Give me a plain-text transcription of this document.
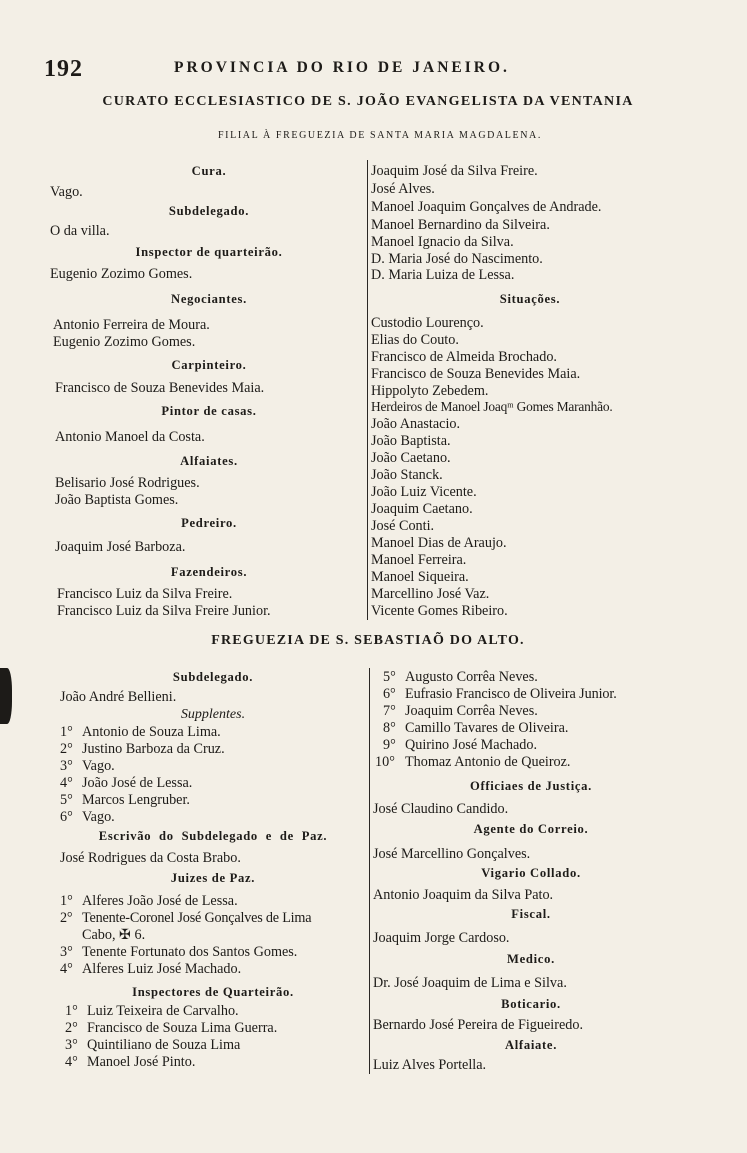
192	PROVINCIA DO RIO DE JANEIRO.
CURATO ECCLESIASTICO DE S. JOÃO EVANGELISTA DA VENTANIA
FILIAL À FREGUEZIA DE SANTA MARIA MAGDALENA.
Cura.
Vago.
Subdelegado.
O da villa.
Inspector de quarteirão.
Eugenio Zozimo Gomes.
Negociantes.
Antonio Ferreira de Moura.
Eugenio Zozimo Gomes.
Carpinteiro.
Francisco de Souza Benevides Maia.
Pintor de casas.
Antonio Manoel da Costa.
Alfaiates.
Belisario José Rodrigues.
João Baptista Gomes.
Pedreiro.
Joaquim José Barboza.
Fazendeiros.
Francisco Luiz da Silva Freire.
Francisco Luiz da Silva Freire Junior.
Joaquim José da Silva Freire.
José Alves.
Manoel Joaquim Gonçalves de Andrade.
Manoel Bernardino da Silveira.
Manoel Ignacio da Silva.
D. Maria José do Nascimento.
D. Maria Luiza de Lessa.
Situações.
Custodio Lourenço.
Elias do Couto.
Francisco de Almeida Brochado.
Francisco de Souza Benevides Maia.
Hippolyto Zebedem.
Herdeiros de Manoel Joaqᵐ Gomes Maranhão.
João Anastacio.
João Baptista.
João Caetano.
João Stanck.
João Luiz Vicente.
Joaquim Caetano.
José Conti.
Manoel Dias de Araujo.
Manoel Ferreira.
Manoel Siqueira.
Marcellino José Vaz.
Vicente Gomes Ribeiro.
FREGUEZIA DE S. SEBASTIAÕ DO ALTO.
Subdelegado.
João André Bellieni.
Supplentes.
1° Antonio de Souza Lima.
2° Justino Barboza da Cruz.
3° Vago.
4° João José de Lessa.
5° Marcos Lengruber.
6° Vago.
Escrivão do Subdelegado e de Paz.
José Rodrigues da Costa Brabo.
Juizes de Paz.
1° Alferes João José de Lessa.
2° Tenente-Coronel José Gonçalves de Lima
Cabo, ✠ 6.
3° Tenente Fortunato dos Santos Gomes.
4° Alferes Luiz José Machado.
Inspectores de Quarteirão.
1° Luiz Teixeira de Carvalho.
2° Francisco de Souza Lima Guerra.
3° Quintiliano de Souza Lima
4° Manoel José Pinto.
5° Augusto Corrêa Neves.
6° Eufrasio Francisco de Oliveira Junior.
7° Joaquim Corrêa Neves.
8° Camillo Tavares de Oliveira.
9° Quirino José Machado.
10° Thomaz Antonio de Queiroz.
Officiaes de Justiça.
José Claudino Candido.
Agente do Correio.
José Marcellino Gonçalves.
Vigario Collado.
Antonio Joaquim da Silva Pato.
Fiscal.
Joaquim Jorge Cardoso.
Medico.
Dr. José Joaquim de Lima e Silva.
Boticario.
Bernardo José Pereira de Figueiredo.
Alfaiate.
Luiz Alves Portella.
